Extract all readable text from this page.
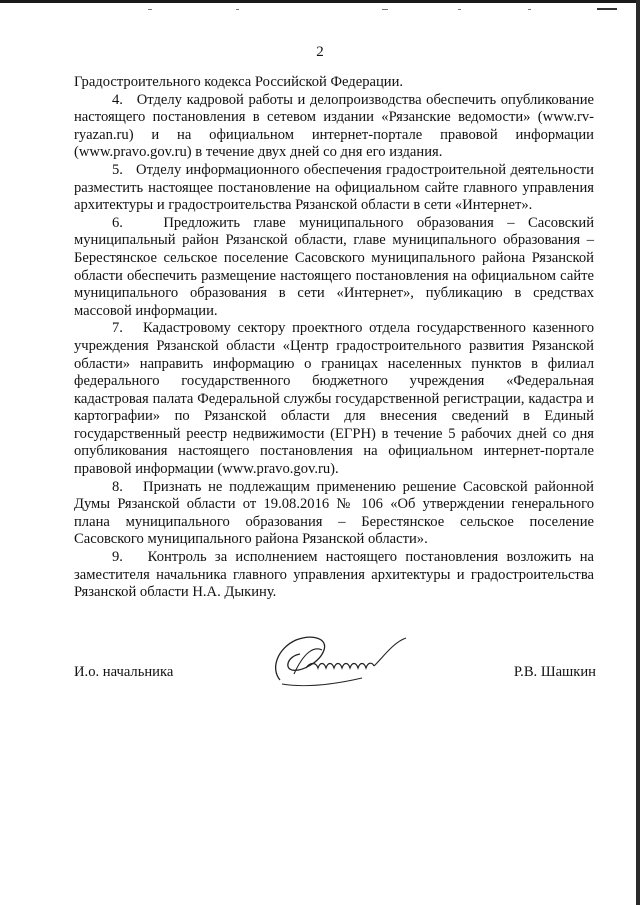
2

Градостроительного кодекса Российской Федерации.

4.   Отделу кадровой работы и делопроизводства обеспечить опубликование настоящего постановления в сетевом издании «Рязанские ведомости» (www.rv-ryazan.ru) и на официальном интернет-портале правовой информации (www.pravo.gov.ru) в течение двух дней со дня его издания.

5.   Отделу информационного обеспечения градостроительной деятельности разместить настоящее постановление на официальном сайте главного управления архитектуры и градостроительства Рязанской области в сети «Интернет».

6.   Предложить главе муниципального образования – Сасовский муниципальный район Рязанской области, главе муниципального образования – Берестянское сельское поселение Сасовского муниципального района Рязанской области обеспечить размещение настоящего постановления на официальном сайте муниципального образования в сети «Интернет», публикацию в средствах массовой информации.

7.   Кадастровому сектору проектного отдела государственного казенного учреждения Рязанской области «Центр градостроительного развития Рязанской области» направить информацию о границах населенных пунктов в филиал федерального государственного бюджетного учреждения «Федеральная кадастровая палата Федеральной службы государственной регистрации, кадастра и картографии» по Рязанской области для внесения сведений в Единый государственный реестр недвижимости (ЕГРН) в течение 5 рабочих дней со дня опубликования настоящего постановления на официальном интернет-портале правовой информации (www.pravo.gov.ru).

8.   Признать не подлежащим применению решение Сасовской районной Думы Рязанской области от 19.08.2016 № 106 «Об утверждении генерального плана муниципального образования – Берестянское сельское поселение Сасовского муниципального района Рязанской области».

9.   Контроль за исполнением настоящего постановления возложить на заместителя начальника главного управления архитектуры и градостроительства Рязанской области Н.А. Дыкину.

И.о. начальника	Р.В. Шашкин
